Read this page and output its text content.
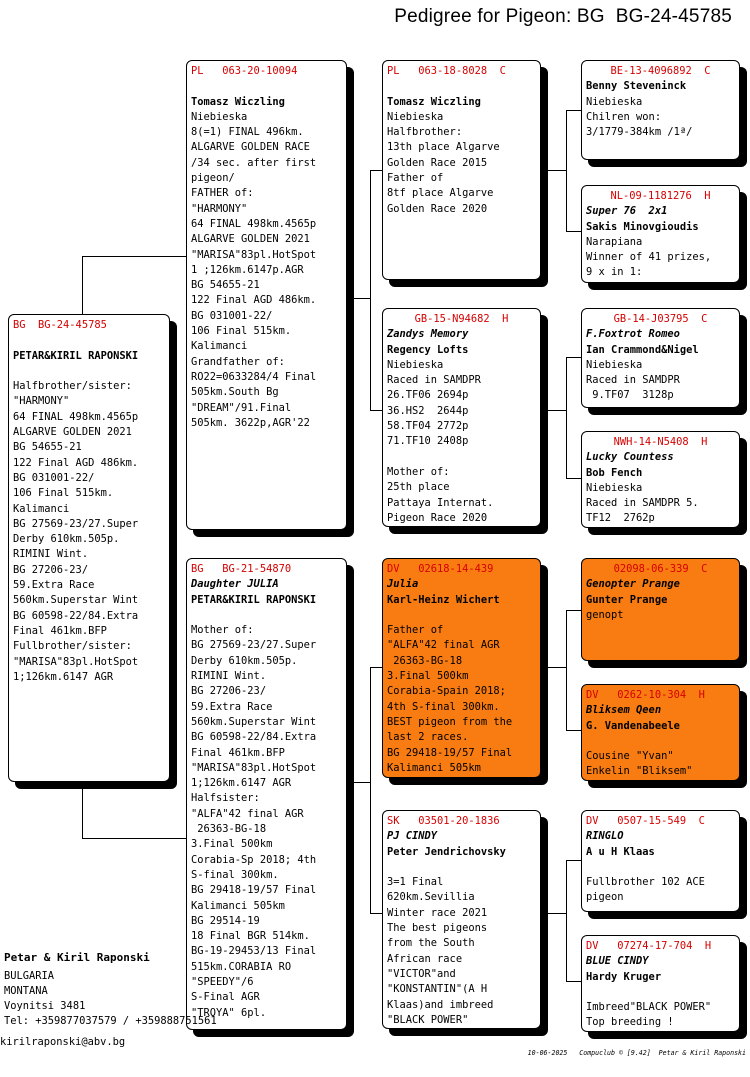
Pedigree for Pigeon: BG  BG-24-45785
BG  BG-24-45785

PETAR&KIRIL RAPONSKI

Halfbrother/sister:
"HARMONY"
64 FINAL 498km.4565p
ALGARVE GOLDEN 2021
BG 54655-21
122 Final AGD 486km.
BG 031001-22/
106 Final 515km.
Kalimanci
BG 27569-23/27.Super
Derby 610km.505p.
RIMINI Wint.
BG 27206-23/
59.Extra Race
560km.Superstar Wint
BG 60598-22/84.Extra
Final 461km.BFP
Fullbrother/sister:
"MARISA"83pl.HotSpot
1;126km.6147 AGR
PL   063-20-10094

Tomasz Wiczling
Niebieska
8(=1) FINAL 496km.
ALGARVE GOLDEN RACE
/34 sec. after first
pigeon/
FATHER of:
"HARMONY"
64 FINAL 498km.4565p
ALGARVE GOLDEN 2021
"MARISA"83pl.HotSpot
1 ;126km.6147p.AGR
BG 54655-21
122 Final AGD 486km.
BG 031001-22/
106 Final 515km.
Kalimanci
Grandfather of:
RO22=0633284/4 Final
505km.South Bg
"DREAM"/91.Final
505km. 3622p,AGR'22
BG   BG-21-54870
Daughter JULIA
PETAR&KIRIL RAPONSKI

Mother of:
BG 27569-23/27.Super
Derby 610km.505p.
RIMINI Wint.
BG 27206-23/
59.Extra Race
560km.Superstar Wint
BG 60598-22/84.Extra
Final 461km.BFP
"MARISA"83pl.HotSpot
1;126km.6147 AGR
Halfsister:
"ALFA"42 final AGR
26363-BG-18
3.Final 500km
Corabia-Sp 2018; 4th
S-final 300km.
BG 29418-19/57 Final
Kalimanci 505km
BG 29514-19
18 Final BGR 514km.
BG-19-29453/13 Final
515km.CORABIA RO
"SPEEDY"/6
S-Final AGR
"TROYA" 6pl.
PL   063-18-8028  C

Tomasz Wiczling
Niebieska
Halfbrother:
13th place Algarve
Golden Race 2015
Father of
8tf place Algarve
Golden Race 2020
GB-15-N94682  H
Zandys Memory
Regency Lofts
Niebieska
Raced in SAMDPR
26.TF06 2694p
36.HS2  2644p
58.TF04 2772p
71.TF10 2408p

Mother of:
25th place
Pattaya Internat.
Pigeon Race 2020
DV   02618-14-439
Julia
Karl-Heinz Wichert

Father of
"ALFA"42 final AGR
26363-BG-18
3.Final 500km
Corabia-Spain 2018;
4th S-final 300km.
BEST pigeon from the
last 2 races.
BG 29418-19/57 Final
Kalimanci 505km
SK   03501-20-1836
PJ CINDY
Peter Jendrichovsky

3=1 Final
620km.Sevillia
Winter race 2021
The best pigeons
from the South
African race
"VICTOR"and
"KONSTANTIN"(A H
Klaas)and imbreed
"BLACK POWER"
BE-13-4096892  C
Benny Steveninck
Niebieska
Chilren won:
3/1779-384km /1ª/
NL-09-1181276  H
Super 76  2x1
Sakis Minovgioudis
Narapiana
Winner of 41 prizes,
9 x in 1:
GB-14-J03795  C
F.Foxtrot Romeo
Ian Crammond&Nigel
Niebieska
Raced in SAMDPR
9.TF07  3128p
NWH-14-N5408  H
Lucky Countess
Bob Fench
Niebieska
Raced in SAMDPR 5.
TF12  2762p
02098-06-339  C
Genopter Prange
Gunter Prange
genopt
DV   0262-10-304  H
Bliksem Qeen
G. Vandenabeele

Cousine "Yvan"
Enkelin "Bliksem"
DV   0507-15-549  C
RINGLO
A u H Klaas

Fullbrother 102 ACE
pigeon
DV   07274-17-704  H
BLUE CINDY
Hardy Kruger

Imbreed"BLACK POWER"
Top breeding !
Petar & Kiril Raponski
BULGARIA
MONTANA
Voynitsi 3481
Tel: +359877037579 / +359888751561
kirilraponski@abv.bg
10-06-2025   Compuclub © [9.42]  Petar & Kiril Raponski
